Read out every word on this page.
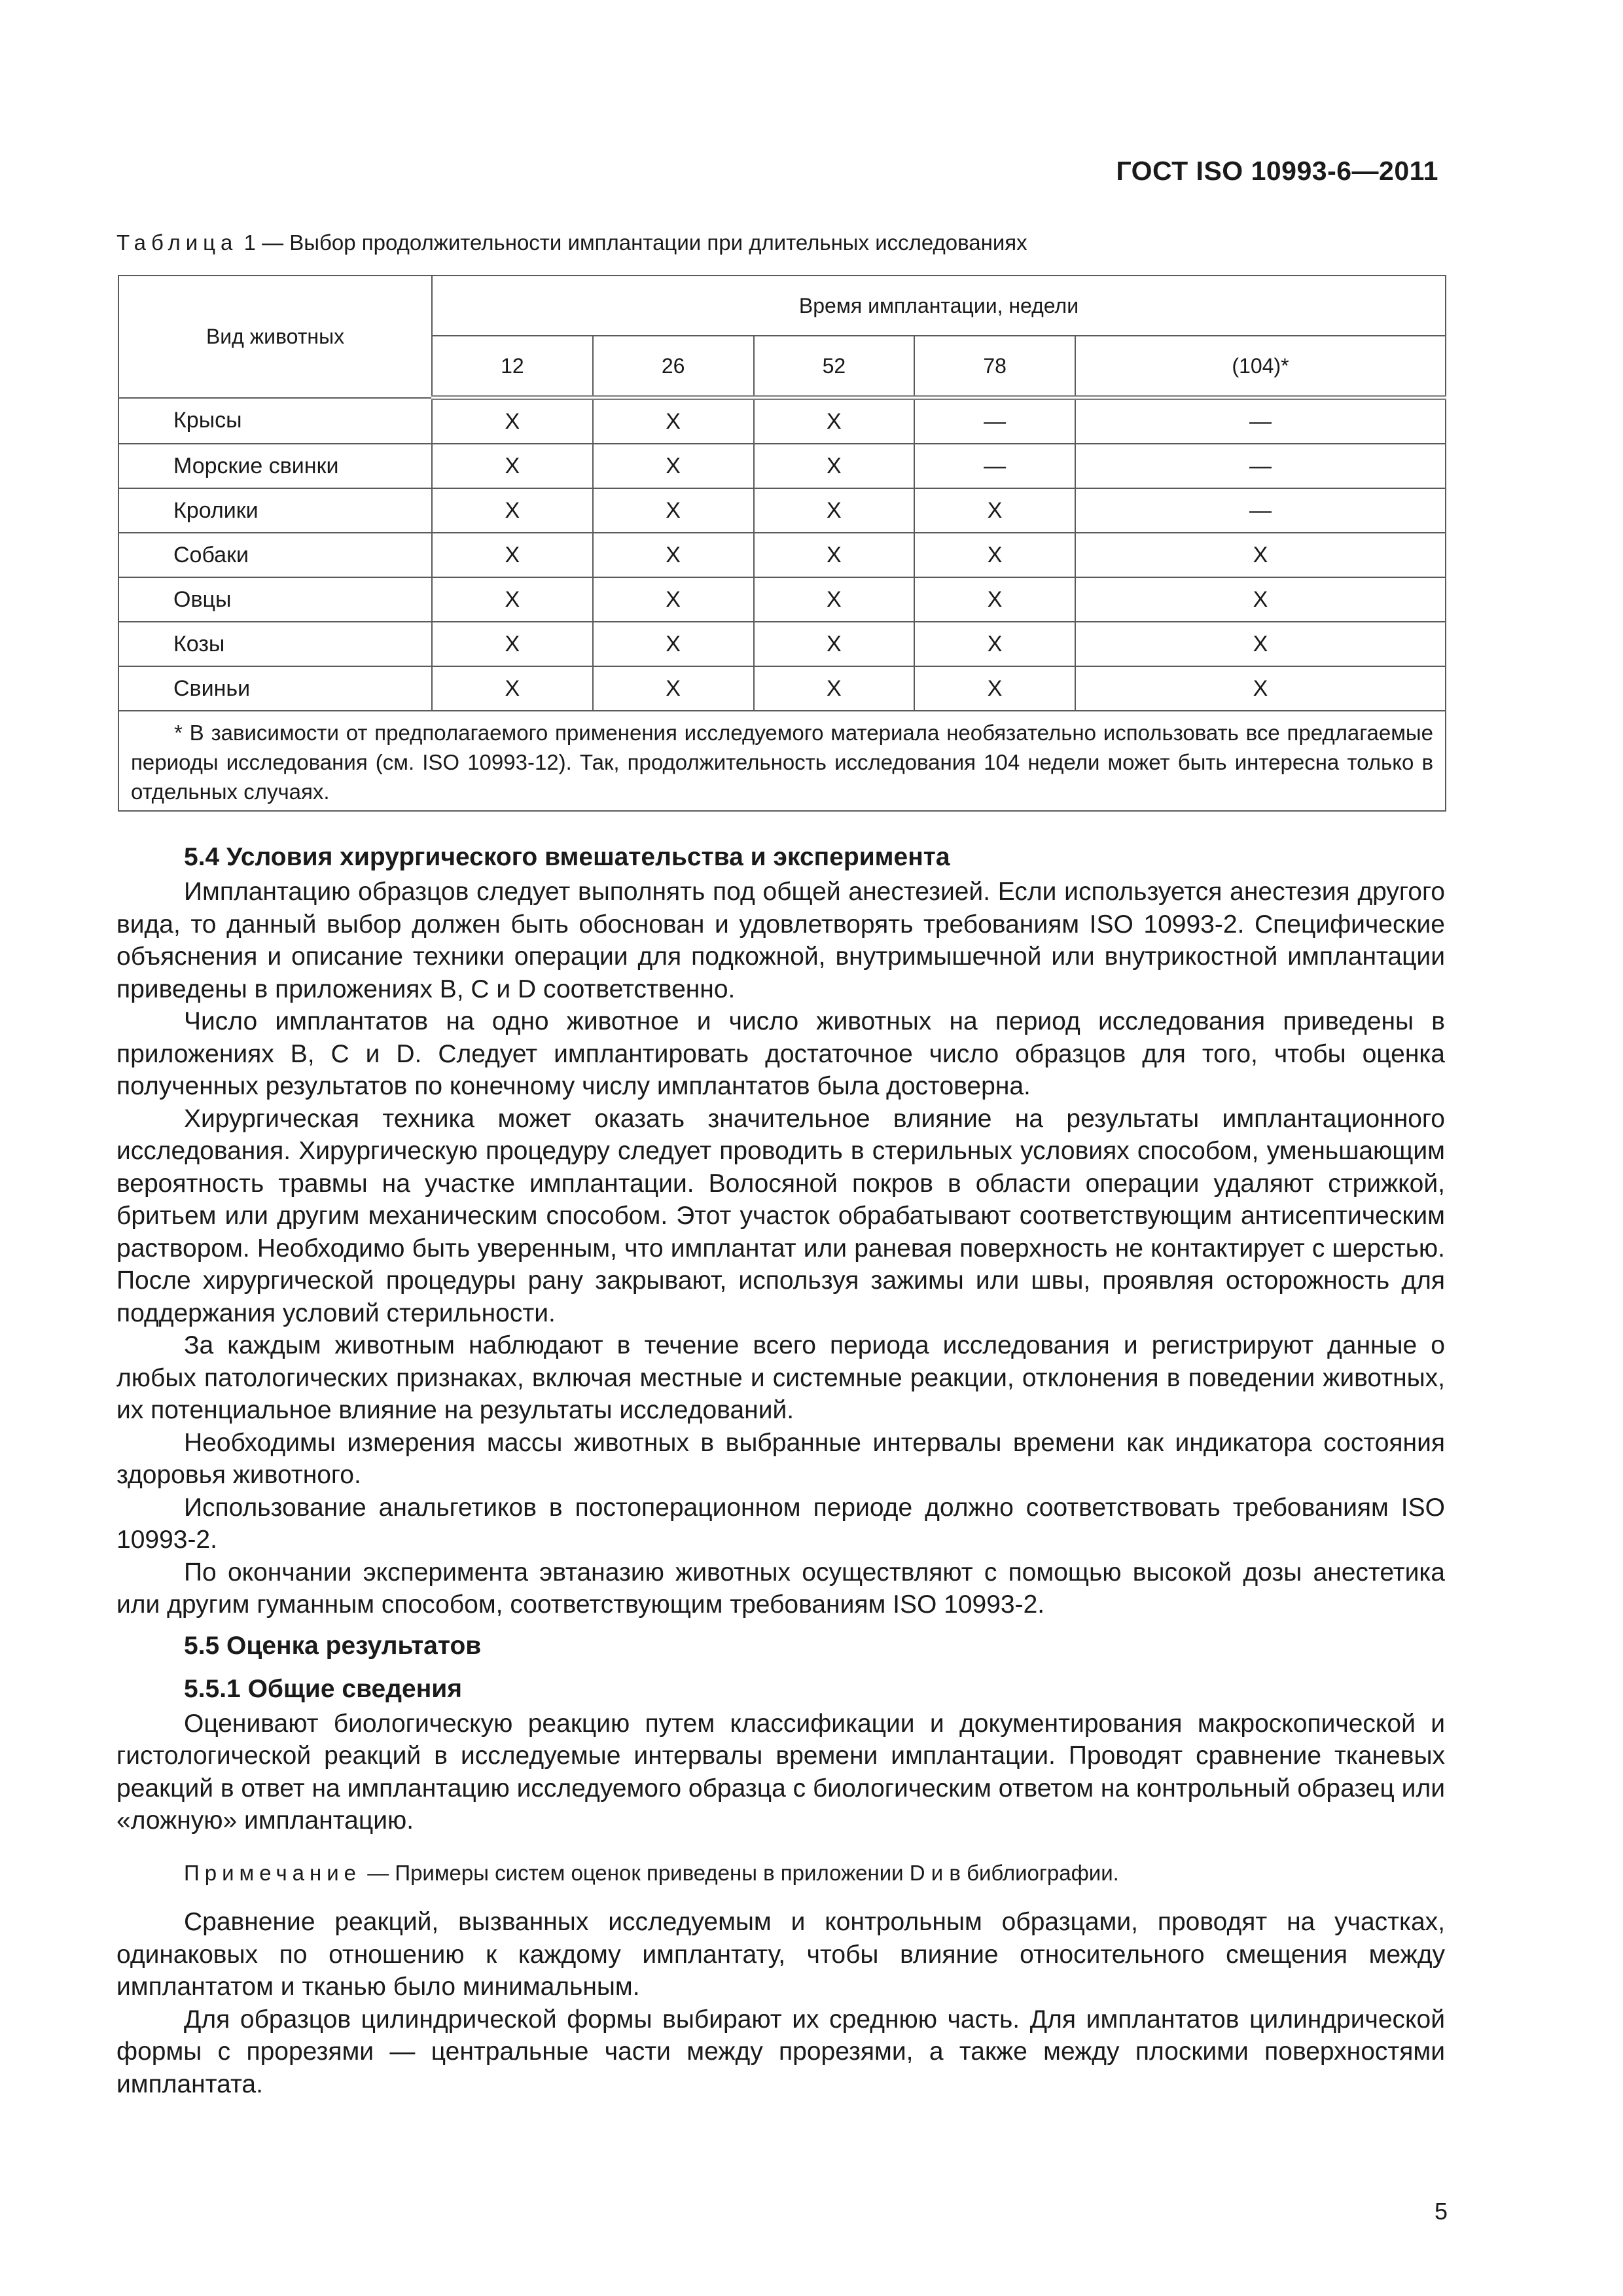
ГОСТ ISO 10993-6—2011
Таблица 1 — Выбор продолжительности имплантации при длительных исследованиях
Вид животных	Время имплантации, недели				
	12	26	52	78	(104)*
Крысы	X	X	X	—	—
Морские свинки	X	X	X	—	—
Кролики	X	X	X	X	—
Собаки	X	X	X	X	X
Овцы	X	X	X	X	X
Козы	X	X	X	X	X
Свиньи	X	X	X	X	X
* В зависимости от предполагаемого применения исследуемого материала необязательно использовать все предлагаемые периоды исследования (см. ISO 10993-12). Так, продолжительность исследования 104 недели может быть интересна только в отдельных случаях.					
5.4 Условия хирургического вмешательства и эксперимента

Имплантацию образцов следует выполнять под общей анестезией. Если используется анестезия другого вида, то данный выбор должен быть обоснован и удовлетворять требованиям ISO 10993-2. Специфические объяснения и описание техники операции для подкожной, внутримышечной или внутрикостной имплантации приведены в приложениях В, С и D соответственно.

Число имплантатов на одно животное и число животных на период исследования приведены в приложениях В, С и D. Следует имплантировать достаточное число образцов для того, чтобы оценка полученных результатов по конечному числу имплантатов была достоверна.

Хирургическая техника может оказать значительное влияние на результаты имплантационного исследования. Хирургическую процедуру следует проводить в стерильных условиях способом, уменьшающим вероятность травмы на участке имплантации. Волосяной покров в области операции удаляют стрижкой, бритьем или другим механическим способом. Этот участок обрабатывают соответствующим антисептическим раствором. Необходимо быть уверенным, что имплантат или раневая поверхность не контактирует с шерстью. После хирургической процедуры рану закрывают, используя зажимы или швы, проявляя осторожность для поддержания условий стерильности.

За каждым животным наблюдают в течение всего периода исследования и регистрируют данные о любых патологических признаках, включая местные и системные реакции, отклонения в поведении животных, их потенциальное влияние на результаты исследований.

Необходимы измерения массы животных в выбранные интервалы времени как индикатора состояния здоровья животного.

Использование анальгетиков в постоперационном периоде должно соответствовать требованиям ISO 10993-2.

По окончании эксперимента эвтаназию животных осуществляют с помощью высокой дозы анестетика или другим гуманным способом, соответствующим требованиям ISO 10993-2.

5.5 Оценка результатов
5.5.1 Общие сведения

Оценивают биологическую реакцию путем классификации и документирования макроскопической и гистологической реакций в исследуемые интервалы времени имплантации. Проводят сравнение тканевых реакций в ответ на имплантацию исследуемого образца с биологическим ответом на контрольный образец или «ложную» имплантацию.

Примечание — Примеры систем оценок приведены в приложении D и в библиографии.

Сравнение реакций, вызванных исследуемым и контрольным образцами, проводят на участках, одинаковых по отношению к каждому имплантату, чтобы влияние относительного смещения между имплантатом и тканью было минимальным.

Для образцов цилиндрической формы выбирают их среднюю часть. Для имплантатов цилиндрической формы с прорезями — центральные части между прорезями, а также между плоскими поверхностями имплантата.

5
